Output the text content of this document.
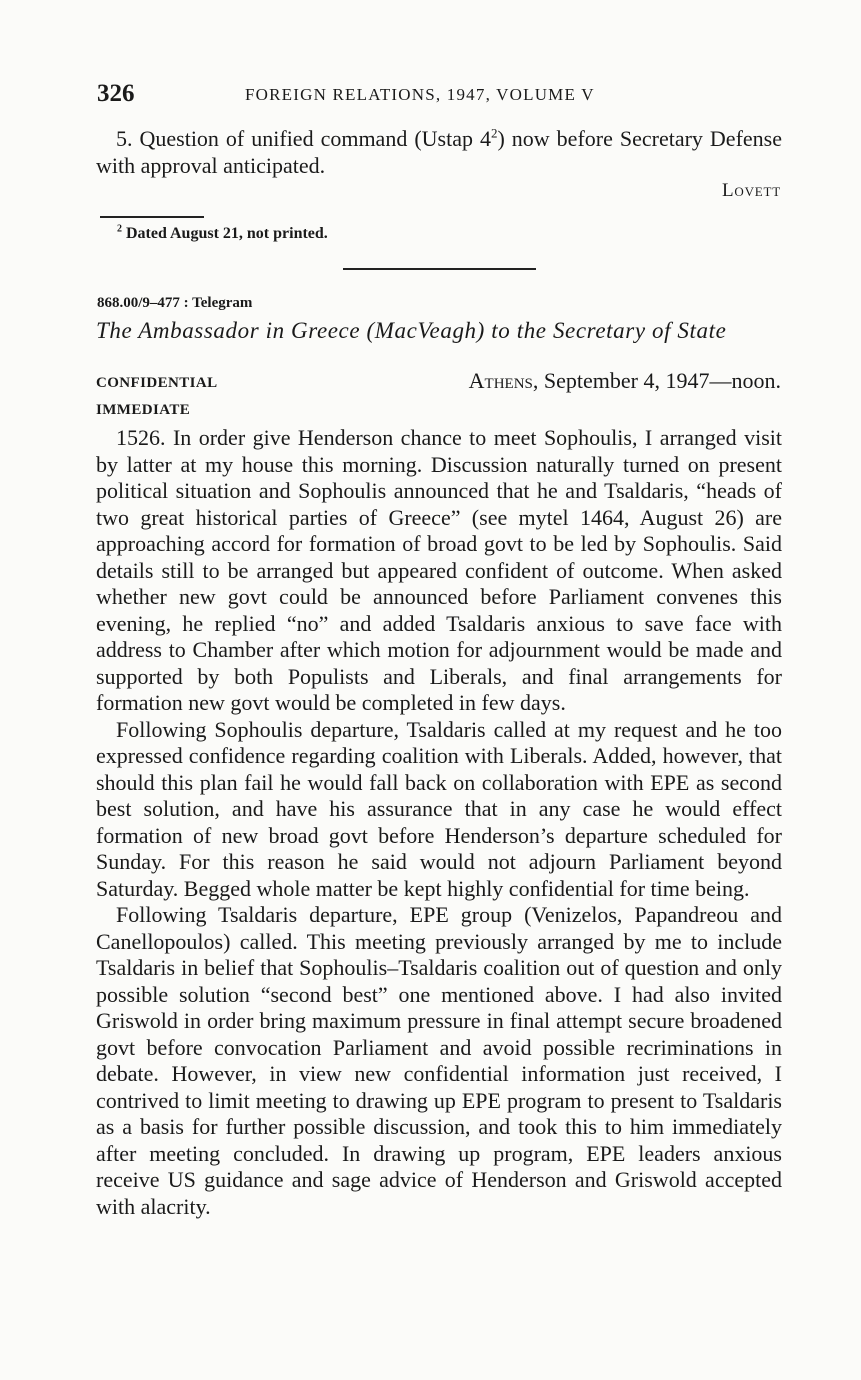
326	FOREIGN RELATIONS, 1947, VOLUME V

5. Question of unified command (Ustap $4^2$) now before Secretary Defense with approval anticipated.

Lovett
$^2$ Dated August 21, not printed.
868.00/9–477 : Telegram
The Ambassador in Greece (MacVeagh) to the Secretary of State
CONFIDENTIAL
IMMEDIATE
Athens, September 4, 1947—noon.

1526. In order give Henderson chance to meet Sophoulis, I arranged visit by latter at my house this morning. Discussion naturally turned on present political situation and Sophoulis announced that he and Tsaldaris, “heads of two great historical parties of Greece” (see mytel 1464, August 26) are approaching accord for formation of broad govt to be led by Sophoulis. Said details still to be arranged but appeared confident of outcome. When asked whether new govt could be announced before Parliament convenes this evening, he replied “no” and added Tsaldaris anxious to save face with address to Chamber after which motion for adjournment would be made and supported by both Populists and Liberals, and final arrangements for formation new govt would be completed in few days.

Following Sophoulis departure, Tsaldaris called at my request and he too expressed confidence regarding coalition with Liberals. Added, however, that should this plan fail he would fall back on collaboration with EPE as second best solution, and have his assurance that in any case he would effect formation of new broad govt before Henderson’s departure scheduled for Sunday. For this reason he said would not adjourn Parliament beyond Saturday. Begged whole matter be kept highly confidential for time being.

Following Tsaldaris departure, EPE group (Venizelos, Papandreou and Canellopoulos) called. This meeting previously arranged by me to include Tsaldaris in belief that Sophoulis–Tsaldaris coalition out of question and only possible solution “second best” one mentioned above. I had also invited Griswold in order bring maximum pressure in final attempt secure broadened govt before convocation Parliament and avoid possible recriminations in debate. However, in view new confidential information just received, I contrived to limit meeting to drawing up EPE program to present to Tsaldaris as a basis for further possible discussion, and took this to him immediately after meeting concluded. In drawing up program, EPE leaders anxious receive US guidance and sage advice of Henderson and Griswold accepted with alacrity.
